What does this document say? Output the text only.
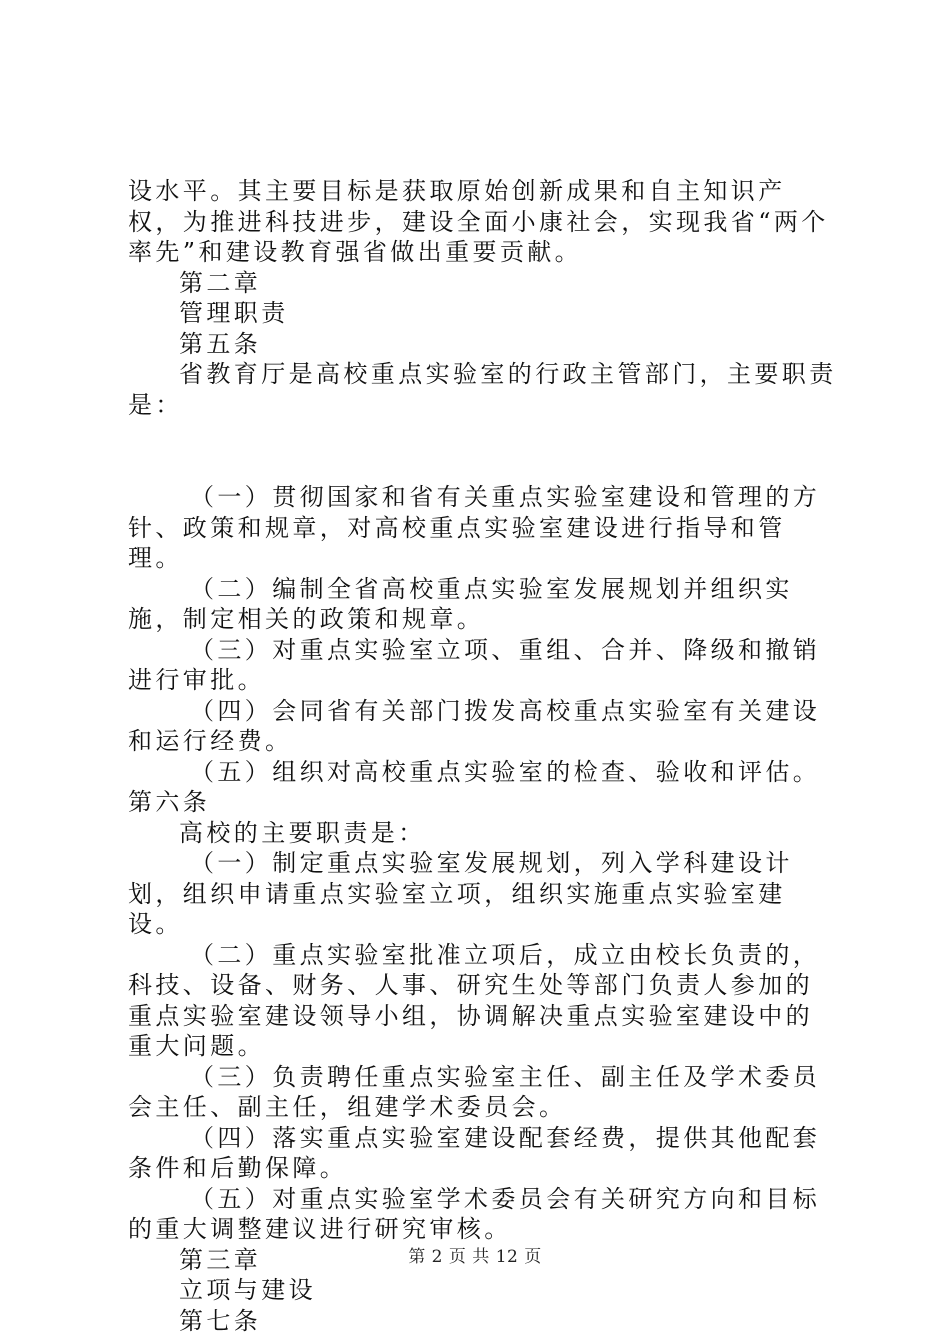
设水平。其主要目标是获取原始创新成果和自主知识产权，为推进科技进步，建设全面小康社会，实现我省“两个率先”和建设教育强省做出重要贡献。

第二章

管理职责

第五条

省教育厅是高校重点实验室的行政主管部门，主要职责是：

（一）贯彻国家和省有关重点实验室建设和管理的方针、政策和规章，对高校重点实验室建设进行指导和管理。

（二）编制全省高校重点实验室发展规划并组织实施，制定相关的政策和规章。

（三）对重点实验室立项、重组、合并、降级和撤销进行审批。

（四）会同省有关部门拨发高校重点实验室有关建设和运行经费。

（五）组织对高校重点实验室的检查、验收和评估。第六条

高校的主要职责是：

（一）制定重点实验室发展规划，列入学科建设计划，组织申请重点实验室立项，组织实施重点实验室建设。

（二）重点实验室批准立项后，成立由校长负责的，科技、设备、财务、人事、研究生处等部门负责人参加的重点实验室建设领导小组，协调解决重点实验室建设中的重大问题。

（三）负责聘任重点实验室主任、副主任及学术委员会主任、副主任，组建学术委员会。

（四）落实重点实验室建设配套经费，提供其他配套条件和后勤保障。

（五）对重点实验室学术委员会有关研究方向和目标的重大调整建议进行研究审核。

第三章

立项与建设

第七条

第 2 页 共 12 页
